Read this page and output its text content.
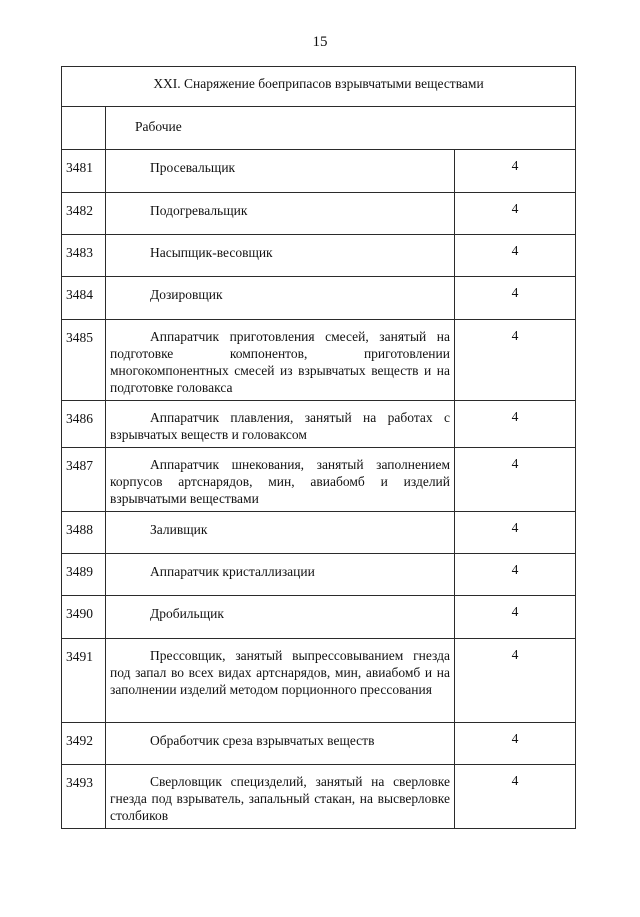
15
XXI. Снаряжение боеприпасов взрывчатыми веществами		
	Рабочие	
3481	Просевальщик	4
3482	Подогревальщик	4
3483	Насыпщик-весовщик	4
3484	Дозировщик	4
3485	Аппаратчик приготовления смесей, занятый на подготовке компонентов, приготовлении многокомпонентных смесей из взрывчатых веществ и на подготовке головакса	4
3486	Аппаратчик плавления, занятый на работах с взрывчатых веществ и головаксом	4
3487	Аппаратчик шнекования, занятый заполнением корпусов артснарядов, мин, авиабомб и изделий взрывчатыми веществами	4
3488	Заливщик	4
3489	Аппаратчик кристаллизации	4
3490	Дробильщик	4
3491	Прессовщик, занятый выпрессовыванием гнезда под запал во всех видах артснарядов, мин, авиабомб и на заполнении изделий методом порционного прессования	4
3492	Обработчик среза взрывчатых веществ	4
3493	Сверловщик специзделий, занятый на сверловке гнезда под взрыватель, запальный стакан, на высверловке столбиков	4
